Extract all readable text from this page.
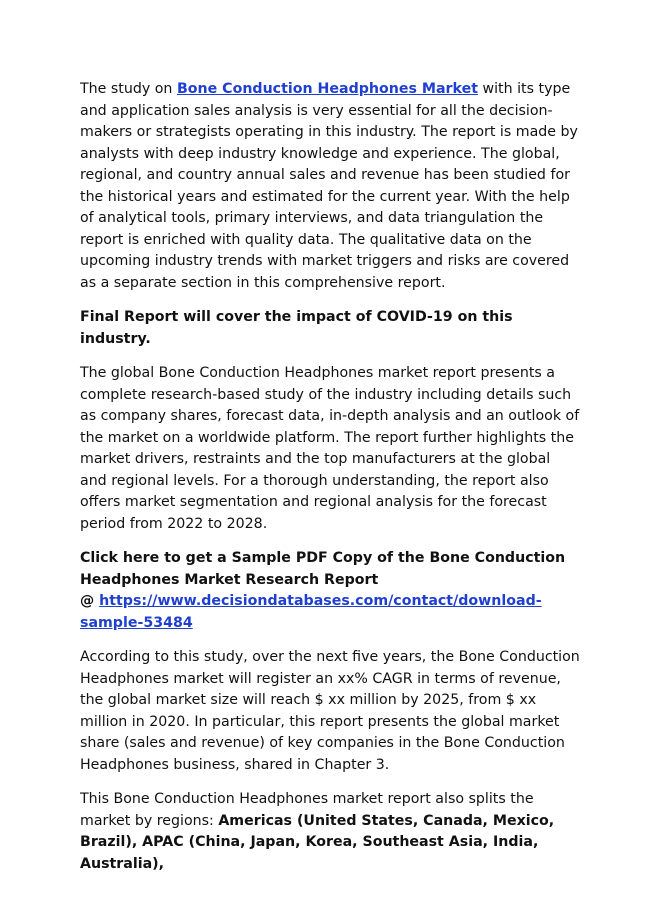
The study on Bone Conduction Headphones Market with its type and application sales analysis is very essential for all the decision-makers or strategists operating in this industry. The report is made by analysts with deep industry knowledge and experience. The global, regional, and country annual sales and revenue has been studied for the historical years and estimated for the current year. With the help of analytical tools, primary interviews, and data triangulation the report is enriched with quality data. The qualitative data on the upcoming industry trends with market triggers and risks are covered as a separate section in this comprehensive report.

Final Report will cover the impact of COVID-19 on this industry.

The global Bone Conduction Headphones market report presents a complete research-based study of the industry including details such as company shares, forecast data, in-depth analysis and an outlook of the market on a worldwide platform. The report further highlights the market drivers, restraints and the top manufacturers at the global and regional levels. For a thorough understanding, the report also offers market segmentation and regional analysis for the forecast period from 2022 to 2028.

Click here to get a Sample PDF Copy of the Bone Conduction Headphones Market Research Report
@ https://www.decisiondatabases.com/contact/download-sample-53484

According to this study, over the next five years, the Bone Conduction Headphones market will register an xx% CAGR in terms of revenue, the global market size will reach $ xx million by 2025, from $ xx million in 2020. In particular, this report presents the global market share (sales and revenue) of key companies in the Bone Conduction Headphones business, shared in Chapter 3.

This Bone Conduction Headphones market report also splits the market by regions: Americas (United States, Canada, Mexico, Brazil), APAC (China, Japan, Korea, Southeast Asia, India, Australia),
